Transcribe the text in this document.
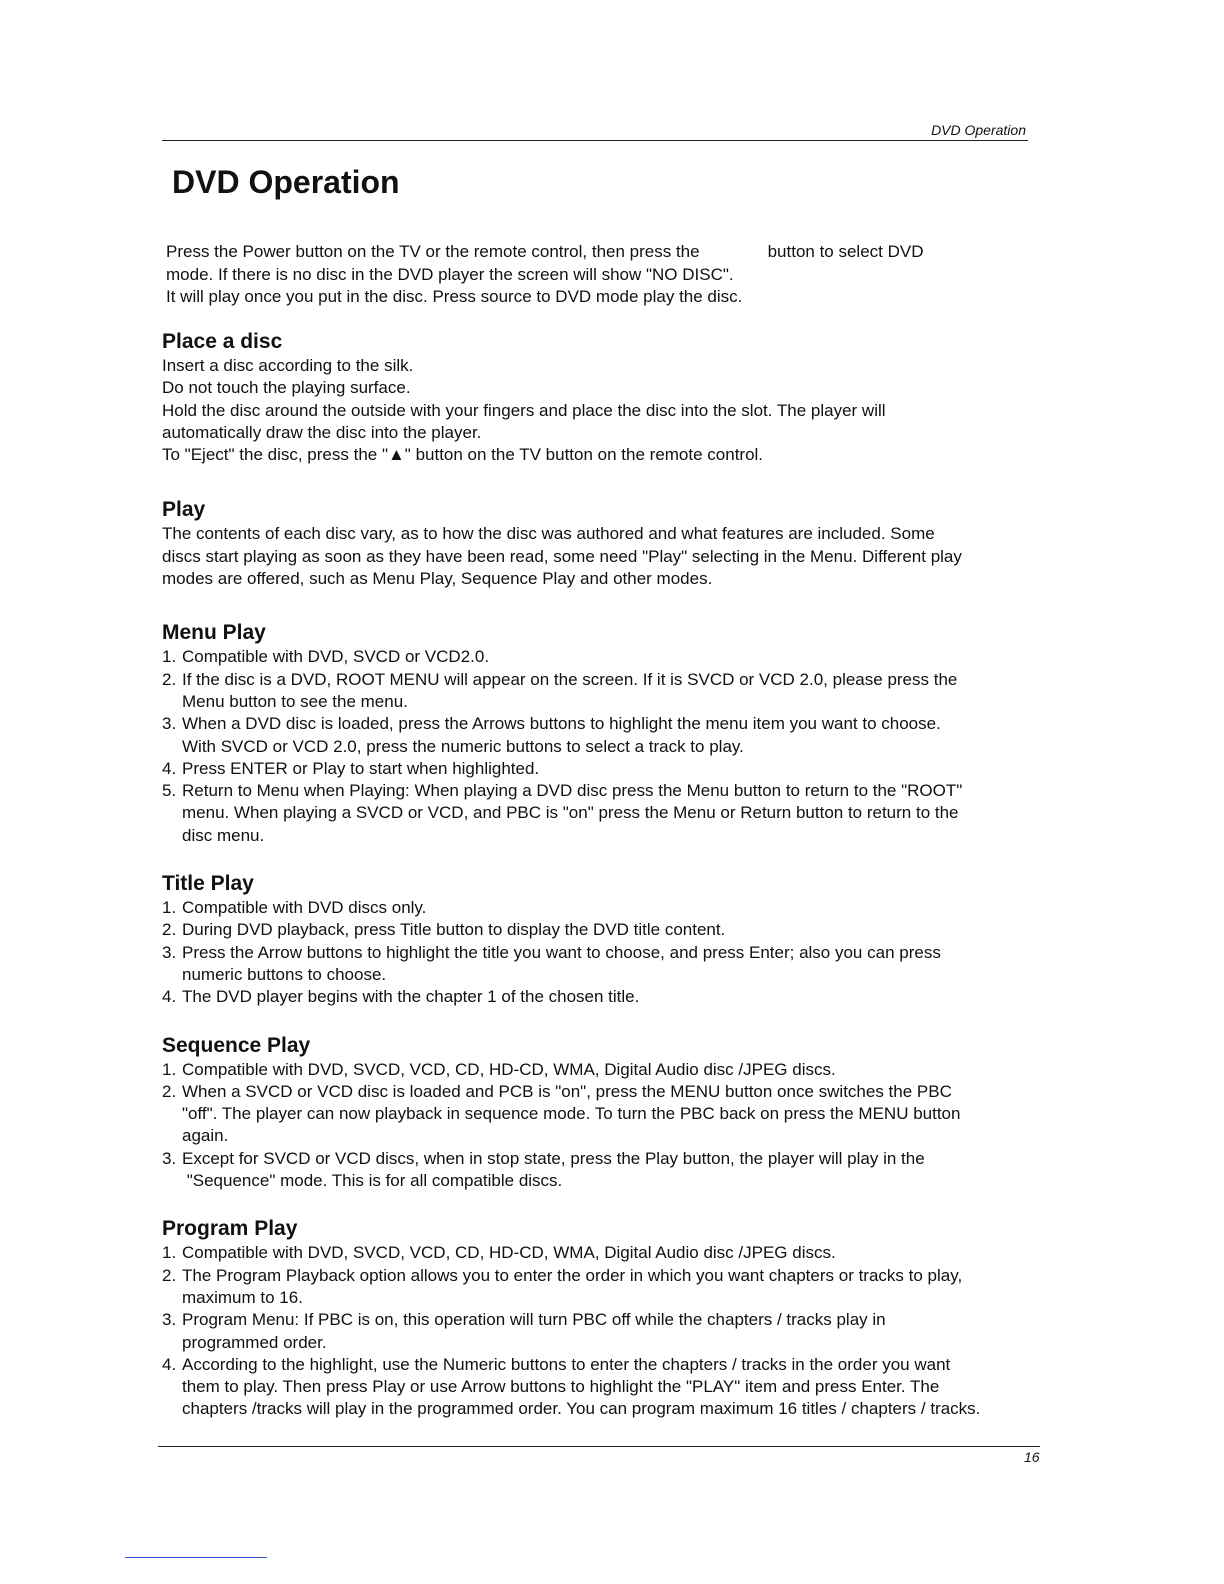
DVD Operation
DVD Operation
Press the Power button on the TV or the remote control, then press the	button to select DVD
mode. If there is no disc in the DVD player the screen will show "NO DISC".
It will play once you put in the disc. Press source to DVD mode play the disc.
Place a disc
Insert a disc according to the silk.
Do not touch the playing surface.
Hold the disc around the outside with your fingers and place the disc into the slot. The player will
automatically draw the disc into the player.
To "Eject" the disc, press the "▲" button on the TV button on the remote control.
Play
The contents of each disc vary, as to how the disc was authored and what features are included. Some
discs start playing as soon as they have been read, some need "Play" selecting in the Menu. Different play
modes are offered, such as Menu Play, Sequence Play and other modes.
Menu Play
1. Compatible with DVD, SVCD or VCD2.0.
2. If the disc is a DVD, ROOT MENU will appear on the screen. If it is SVCD or VCD 2.0, please press the
Menu button to see the menu.
3. When a DVD disc is loaded, press the Arrows buttons to highlight the menu item you want to choose.
With SVCD or VCD 2.0, press the numeric buttons to select a track to play.
4. Press ENTER or Play to start when highlighted.
5. Return to Menu when Playing: When playing a DVD disc press the Menu button to return to the "ROOT"
menu. When playing a SVCD or VCD, and PBC is "on" press the Menu or Return button to return to the
disc menu.
Title Play
1. Compatible with DVD discs only.
2. During DVD playback, press Title button to display the DVD title content.
3. Press the Arrow buttons to highlight the title you want to choose, and press Enter; also you can press
numeric buttons to choose.
4. The DVD player begins with the chapter 1 of the chosen title.
Sequence Play
1. Compatible with DVD, SVCD, VCD, CD, HD-CD, WMA, Digital Audio disc /JPEG discs.
2. When a SVCD or VCD disc is loaded and PCB is "on", press the MENU button once switches the PBC
"off". The player can now playback in sequence mode. To turn the PBC back on press the MENU button
again.
3. Except for SVCD or VCD discs, when in stop state, press the Play button, the player will play in the
"Sequence" mode. This is for all compatible discs.
Program Play
1. Compatible with DVD, SVCD, VCD, CD, HD-CD, WMA, Digital Audio disc /JPEG discs.
2. The Program Playback option allows you to enter the order in which you want chapters or tracks to play,
maximum to 16.
3. Program Menu: If PBC is on, this operation will turn PBC off while the chapters / tracks play in
programmed order.
4. According to the highlight, use the Numeric buttons to enter the chapters / tracks in the order you want
them to play. Then press Play or use Arrow buttons to highlight the "PLAY" item and press Enter. The
chapters /tracks will play in the programmed order. You can program maximum 16 titles / chapters / tracks.
16
